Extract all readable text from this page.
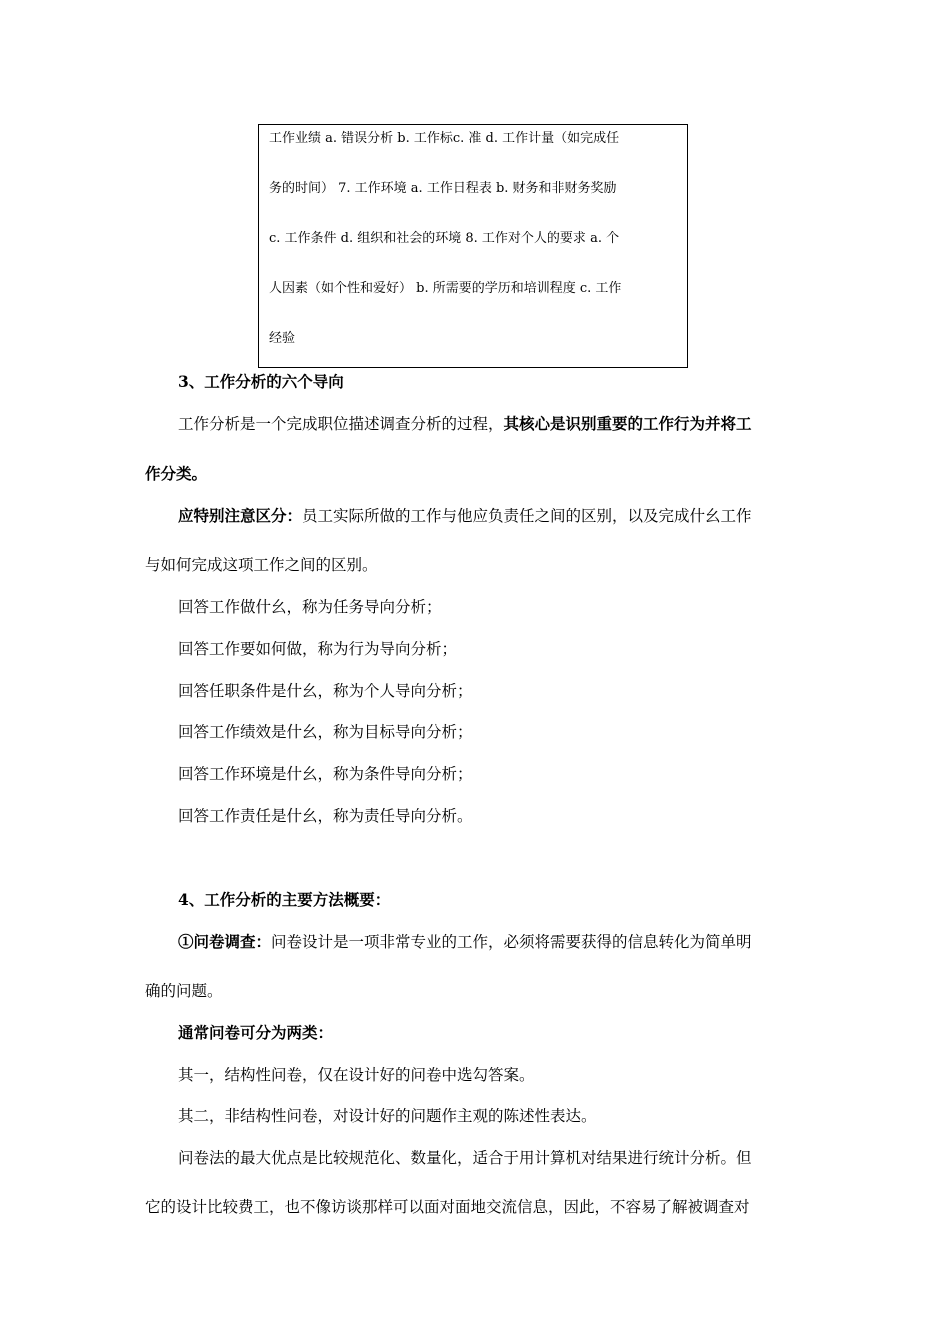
工作业绩 a. 错误分析 b. 工作标c. 准 d. 工作计量（如完成任
务的时间） 7. 工作环境 a. 工作日程表 b. 财务和非财务奖励
c. 工作条件 d. 组织和社会的环境 8. 工作对个人的要求 a. 个
人因素（如个性和爱好） b. 所需要的学历和培训程度 c. 工作
经验
3、工作分析的六个导向
工作分析是一个完成职位描述调查分析的过程，其核心是识别重要的工作行为并将工
作分类。
应特别注意区分：员工实际所做的工作与他应负责任之间的区别，以及完成什幺工作
与如何完成这项工作之间的区别。
回答工作做什幺，称为任务导向分析；
回答工作要如何做，称为行为导向分析；
回答任职条件是什幺，称为个人导向分析；
回答工作绩效是什幺，称为目标导向分析；
回答工作环境是什幺，称为条件导向分析；
回答工作责任是什幺，称为责任导向分析。
4、工作分析的主要方法概要：
①问卷调查：问卷设计是一项非常专业的工作，必须将需要获得的信息转化为简单明
确的问题。
通常问卷可分为两类：
其一，结构性问卷，仅在设计好的问卷中选勾答案。
其二，非结构性问卷，对设计好的问题作主观的陈述性表达。
问卷法的最大优点是比较规范化、数量化，适合于用计算机对结果进行统计分析。但
它的设计比较费工，也不像访谈那样可以面对面地交流信息，因此，不容易了解被调查对
